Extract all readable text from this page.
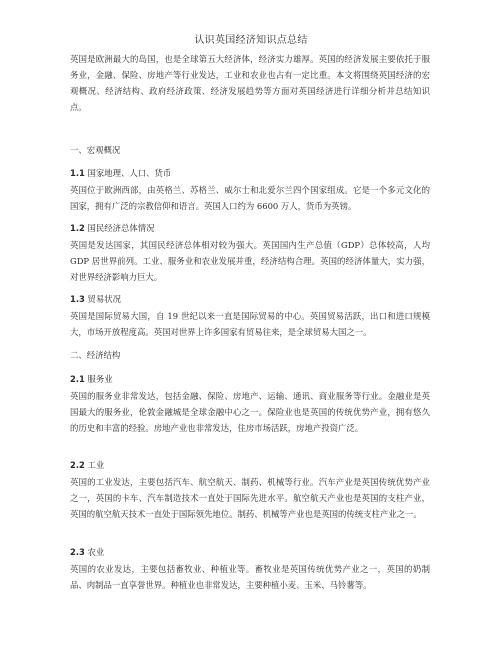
认识英国经济知识点总结

英国是欧洲最大的岛国，也是全球第五大经济体，经济实力雄厚。英国的经济发展主要依托于服务业，金融、保险、房地产等行业发达，工业和农业也占有一定比重。本文将围绕英国经济的宏观概况、经济结构、政府经济政策、经济发展趋势等方面对英国经济进行详细分析并总结知识点。

一、宏观概况
1.1 国家地理、人口、货币

英国位于欧洲西部，由英格兰、苏格兰、威尔士和北爱尔兰四个国家组成。它是一个多元文化的国家，拥有广泛的宗教信仰和语言。英国人口约为 6600 万人，货币为英镑。

1.2 国民经济总体情况

英国是发达国家，其国民经济总体相对较为强大。英国国内生产总值（GDP）总体较高，人均 GDP 居世界前列。工业、服务业和农业发展并重，经济结构合理。英国的经济体量大，实力强，对世界经济影响力巨大。

1.3 贸易状况

英国是国际贸易大国，自 19 世纪以来一直是国际贸易的中心。英国贸易活跃，出口和进口规模大，市场开放程度高。英国对世界上许多国家有贸易往来，是全球贸易大国之一。

二、经济结构
2.1 服务业

英国的服务业非常发达，包括金融、保险、房地产、运输、通讯、商业服务等行业。金融业是英国最大的服务业，伦敦金融城是全球金融中心之一。保险业也是英国的传统优势产业，拥有悠久的历史和丰富的经验。房地产业也非常发达，住房市场活跃，房地产投资广泛。

2.2 工业

英国的工业发达，主要包括汽车、航空航天、制药、机械等行业。汽车产业是英国传统优势产业之一，英国的卡车、汽车制造技术一直处于国际先进水平。航空航天产业也是英国的支柱产业，英国的航空航天技术一直处于国际领先地位。制药、机械等产业也是英国的传统支柱产业之一。

2.3 农业

英国的农业发达，主要包括畜牧业、种植业等。畜牧业是英国传统优势产业之一，英国的奶制品、肉制品一直享誉世界。种植业也非常发达，主要种植小麦、玉米、马铃薯等。
